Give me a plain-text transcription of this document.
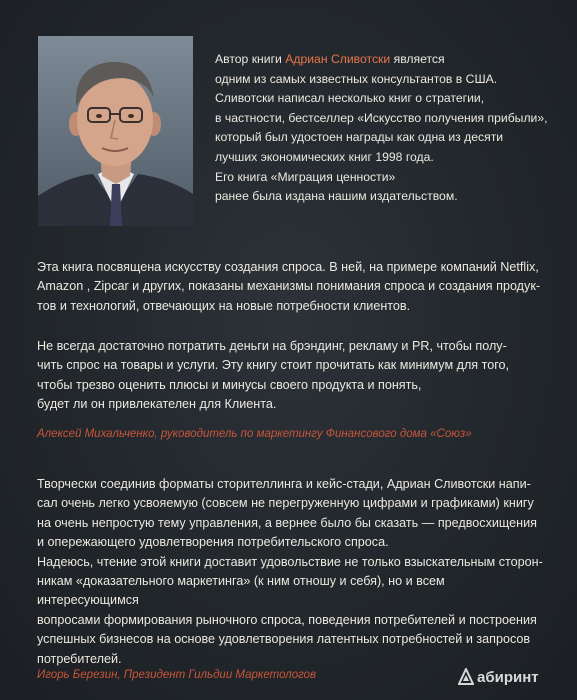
Автор книги Адриан Сливотски является
одним из самых известных консультантов в США.
Сливотски написал несколько книг о стратегии,
в частности, бестселлер «Искусство получения прибыли»,
который был удостоен награды как одна из десяти
лучших экономических книг 1998 года.
Его книга «Миграция ценности»
ранее была издана нашим издательством.

Эта книга посвящена искусству создания спроса. В ней, на примере компаний Netflix,

Amazon , Zipcar и других, показаны механизмы понимания спроса и создания продук-

тов и технологий, отвечающих на новые потребности клиентов.

Не всегда достаточно потратить деньги на брэндинг, рекламу и PR, чтобы полу-

чить спрос на товары и услуги. Эту книгу стоит прочитать как минимум для того,

чтобы трезво оценить плюсы и минусы своего продукта и понять,

будет ли он привлекателен для Клиента.

Алексей Михальченко, руководитель по маркетингу Финансового дома «Союз»

Творчески соединив форматы сторителлинга и кейс-стади, Адриан Сливотски напи-

сал очень легко усвояемую (совсем не перегруженную цифрами и графиками) книгу

на очень непростую тему управления, а вернее было бы сказать — предвосхищения

и опережающего удовлетворения потребительского спроса.

Надеюсь, чтение этой книги доставит удовольствие не только взыскательным сторон-

никам «доказательного маркетинга» (к ним отношу и себя), но и всем интересующимся

вопросами формирования рыночного спроса, поведения потребителей и построения

успешных бизнесов на основе удовлетворения латентных потребностей и запросов

потребителей.

Игорь Березин, Президент Гильдии Маркетологов	абиринт
